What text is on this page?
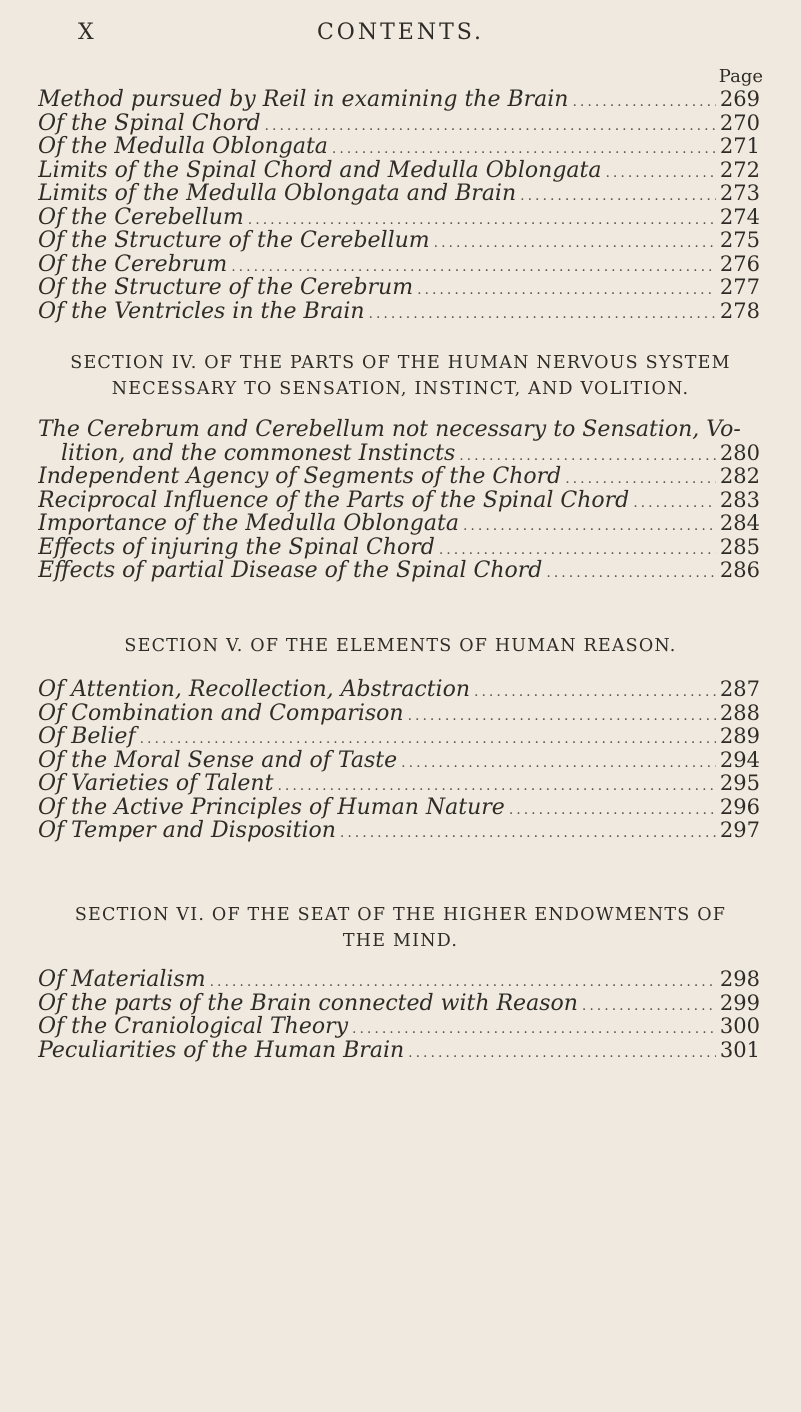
X	CONTENTS.
Page
Method pursued by Reil in examining the Brain .....	269
Of the Spinal Chord .....	270
Of the Medulla Oblongata .....	271
Limits of the Spinal Chord and Medulla Oblongata .....	272
Limits of the Medulla Oblongata and Brain .....	273
Of the Cerebellum .....	274
Of the Structure of the Cerebellum .....	275
Of the Cerebrum .....	276
Of the Structure of the Cerebrum .....	277
Of the Ventricles in the Brain .....	278
SECTION IV. OF THE PARTS OF THE HUMAN NERVOUS SYSTEM
NECESSARY TO SENSATION, INSTINCT, AND VOLITION.
The Cerebrum and Cerebellum not necessary to Sensation, Vo-
lition, and the commonest Instincts .....	280
Independent Agency of Segments of the Chord .....	282
Reciprocal Influence of the Parts of the Spinal Chord .....	283
Importance of the Medulla Oblongata .....	284
Effects of injuring the Spinal Chord .....	285
Effects of partial Disease of the Spinal Chord .....	286
SECTION V. OF THE ELEMENTS OF HUMAN REASON.
Of Attention, Recollection, Abstraction .....	287
Of Combination and Comparison .....	288
Of Belief .....	289
Of the Moral Sense and of Taste .....	294
Of Varieties of Talent .....	295
Of the Active Principles of Human Nature .....	296
Of Temper and Disposition .....	297
SECTION VI. OF THE SEAT OF THE HIGHER ENDOWMENTS OF
THE MIND.
Of Materialism .....	298
Of the parts of the Brain connected with Reason .....	299
Of the Craniological Theory .....	300
Peculiarities of the Human Brain .....	301
